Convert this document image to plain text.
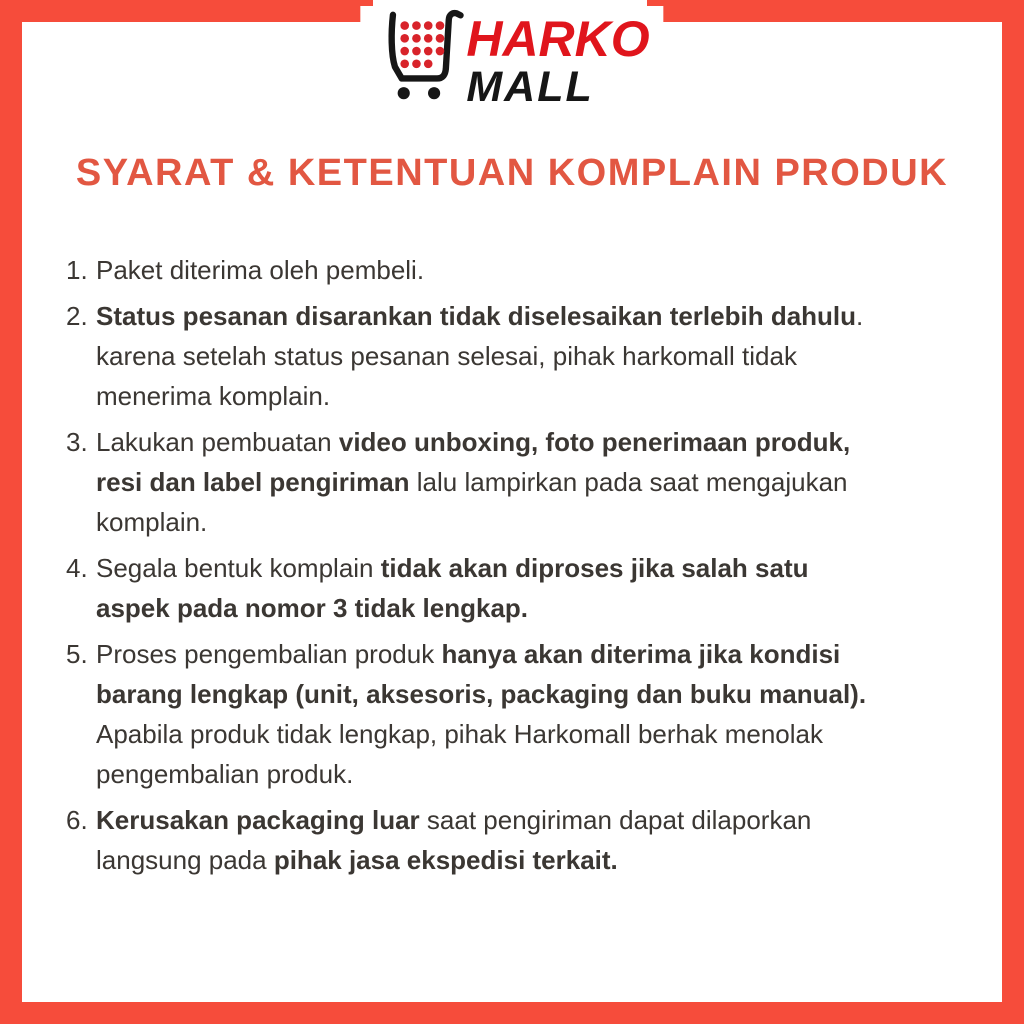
HARKO
MALL
SYARAT & KETENTUAN KOMPLAIN PRODUK
1. Paket diterima oleh pembeli.
2. Status pesanan disarankan tidak diselesaikan terlebih dahulu.
karena setelah status pesanan selesai, pihak harkomall tidak
menerima komplain.
3. Lakukan pembuatan video unboxing, foto penerimaan produk,
resi dan label pengiriman lalu lampirkan pada saat mengajukan
komplain.
4. Segala bentuk komplain tidak akan diproses jika salah satu
aspek pada nomor 3 tidak lengkap.
5. Proses pengembalian produk hanya akan diterima jika kondisi
barang lengkap (unit, aksesoris, packaging dan buku manual).
Apabila produk tidak lengkap, pihak Harkomall berhak menolak
pengembalian produk.
6. Kerusakan packaging luar saat pengiriman dapat dilaporkan
langsung pada pihak jasa ekspedisi terkait.
